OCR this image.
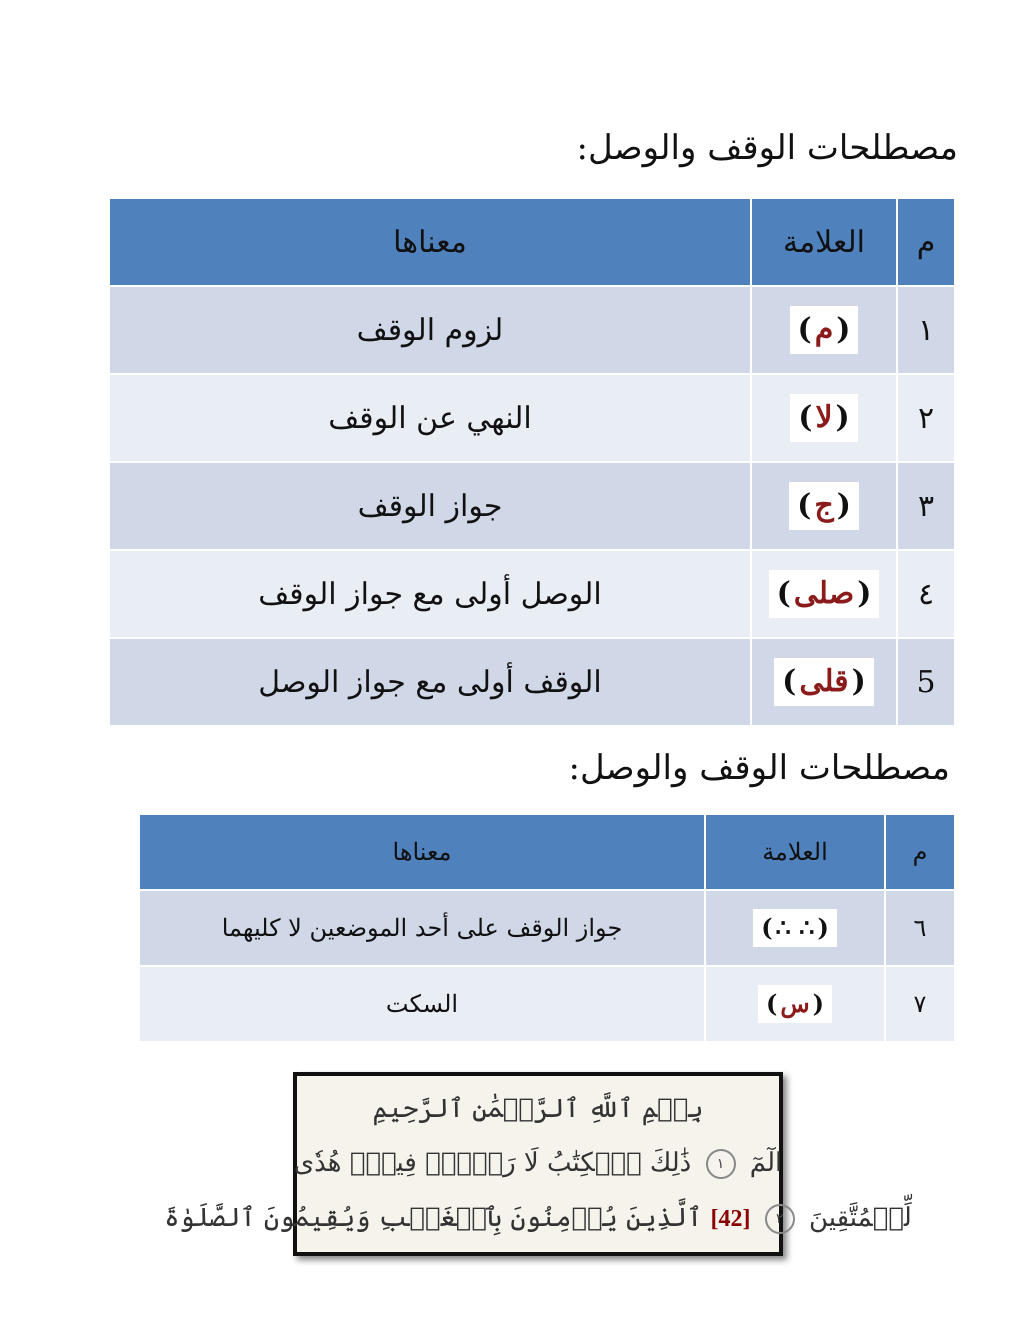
مصطلحات الوقف والوصل:
م	العلامة	معناها
١	(م)	لزوم الوقف
٢	(لا)	النهي عن الوقف
٣	(ج)	جواز الوقف
٤	(صلى)	الوصل أولى مع جواز الوقف
5	(قلى)	الوقف أولى مع جواز الوصل
مصطلحات الوقف والوصل:
م	العلامة	معناها
٦	(∴ ∴)	جواز الوقف على أحد الموضعين لا كليهما
٧	(س)	السكت
بِسۡمِ ٱللَّهِ ٱلرَّحۡمَٰنِ ٱلرَّحِيمِ
الٓمٓ ١ ذَٰلِكَ ٱلۡكِتَٰبُ لَا رَيۡبَۛ فِيهِۛ هُدٗى
لِّلۡمُتَّقِينَ ٢ [42] ٱلَّذِينَ يُؤۡمِنُونَ بِٱلۡغَيۡبِ وَيُقِيمُونَ ٱلصَّلَوٰةَ
